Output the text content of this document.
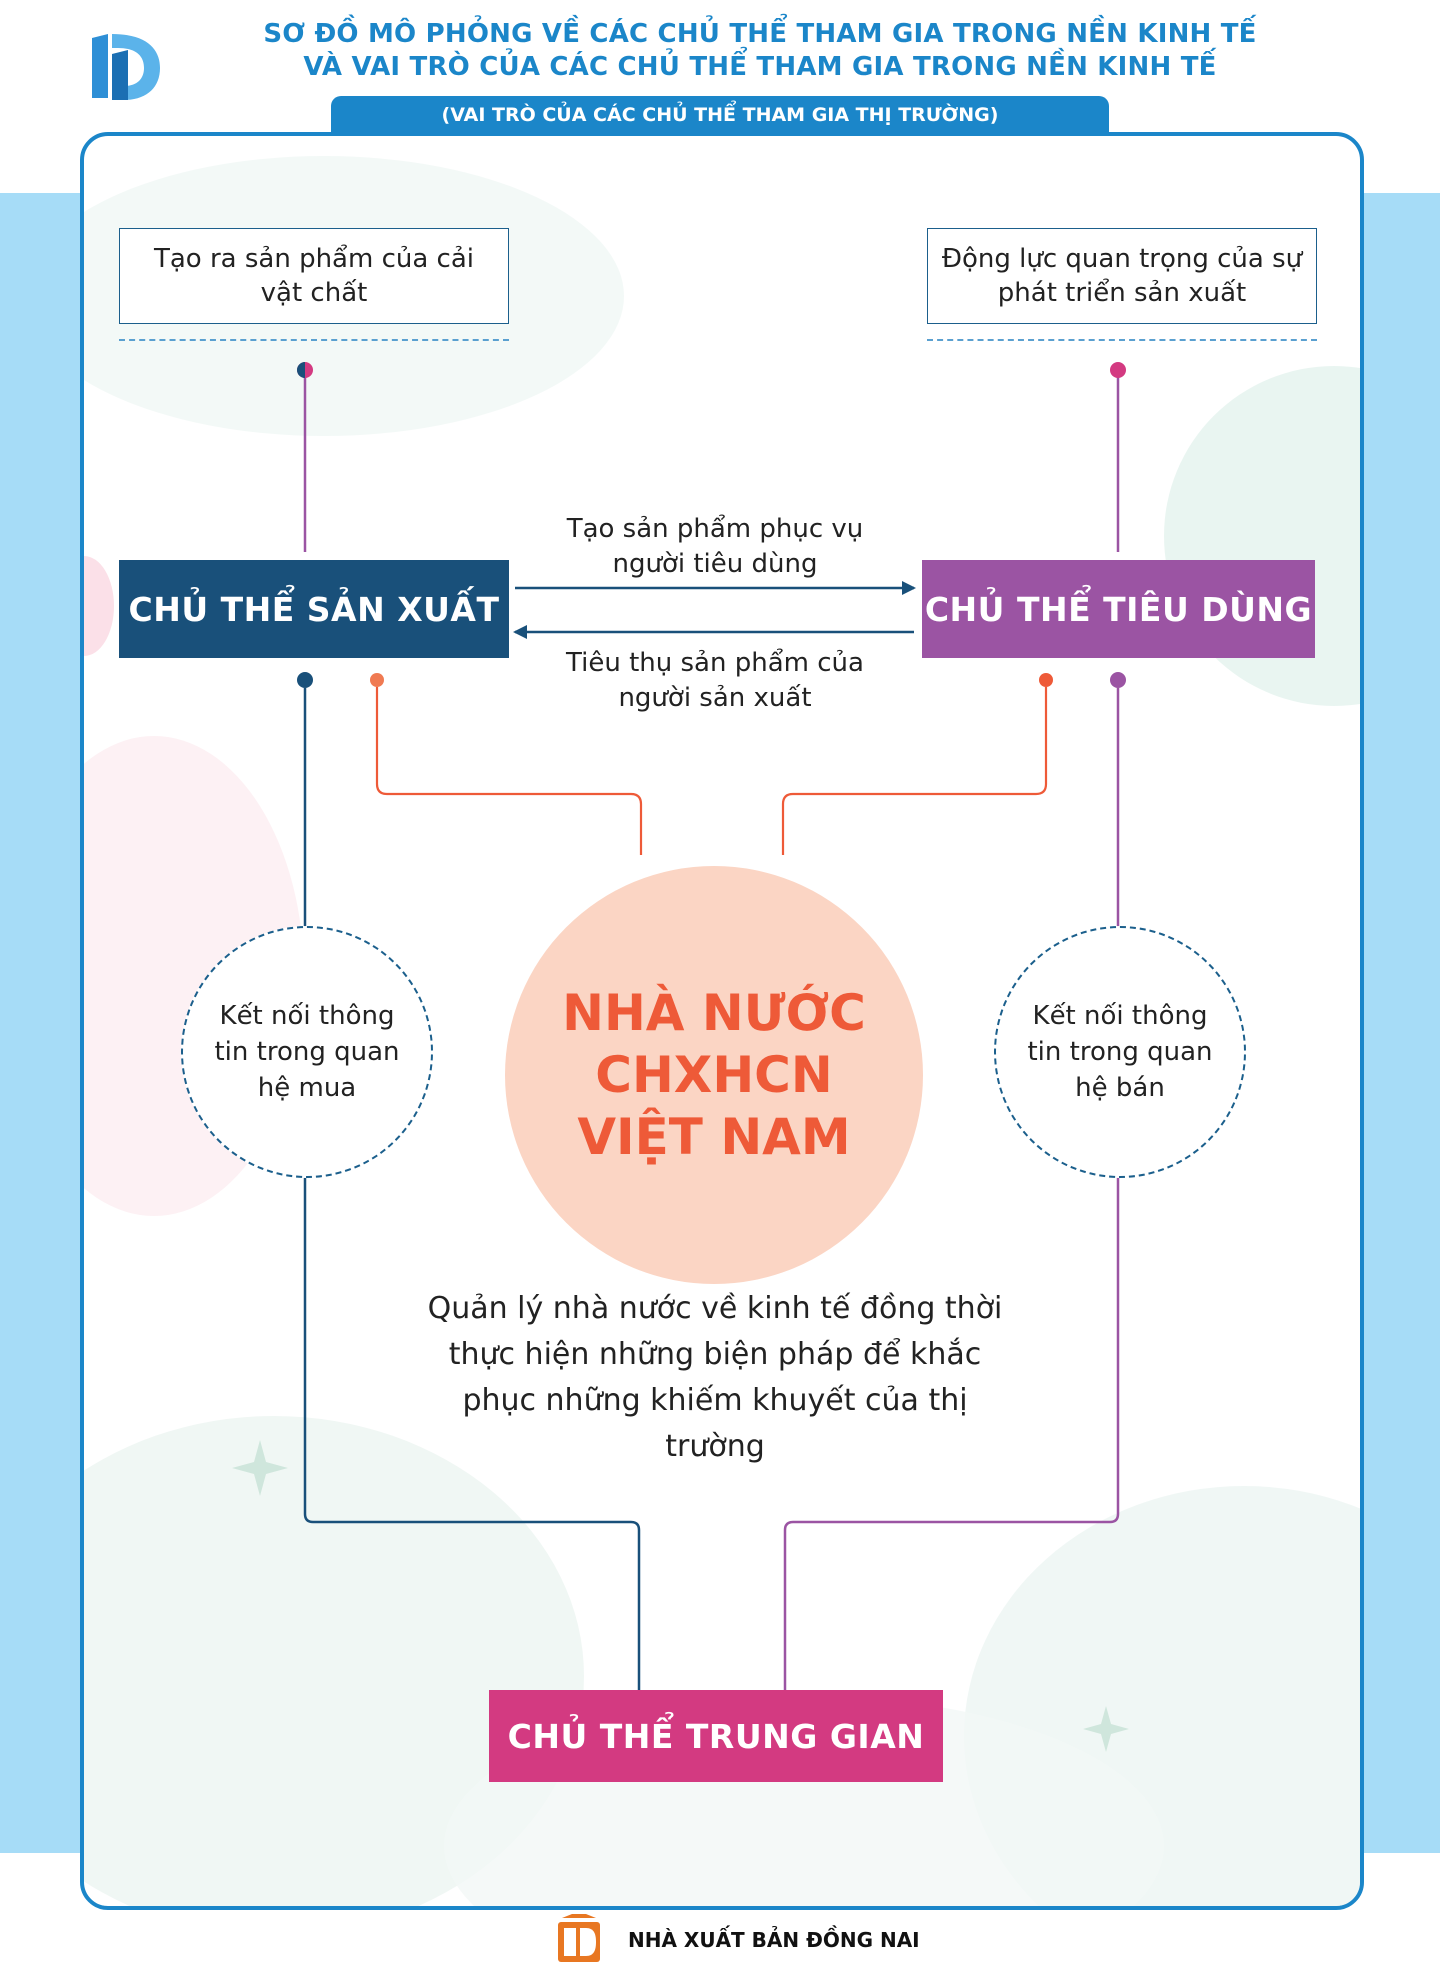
SƠ ĐỒ MÔ PHỎNG VỀ CÁC CHỦ THỂ THAM GIA TRONG NỀN KINH TẾ
VÀ VAI TRÒ CỦA CÁC CHỦ THỂ THAM GIA TRONG NỀN KINH TẾ
(VAI TRÒ CỦA CÁC CHỦ THỂ THAM GIA THỊ TRƯỜNG)
Tạo ra sản phẩm của cải vật chất
Động lực quan trọng của sự phát triển sản xuất
CHỦ THỂ SẢN XUẤT	CHỦ THỂ TIÊU DÙNG
Tạo sản phẩm phục vụ người tiêu dùng
Tiêu thụ sản phẩm của người sản xuất
Kết nối thông tin trong quan hệ mua
Kết nối thông tin trong quan hệ bán
NHÀ NƯỚC
CHXHCN
VIỆT NAM
Quản lý nhà nước về kinh tế đồng thời thực hiện những biện pháp để khắc phục những khiếm khuyết của thị trường
CHỦ THỂ TRUNG GIAN
NHÀ XUẤT BẢN ĐỒNG NAI
